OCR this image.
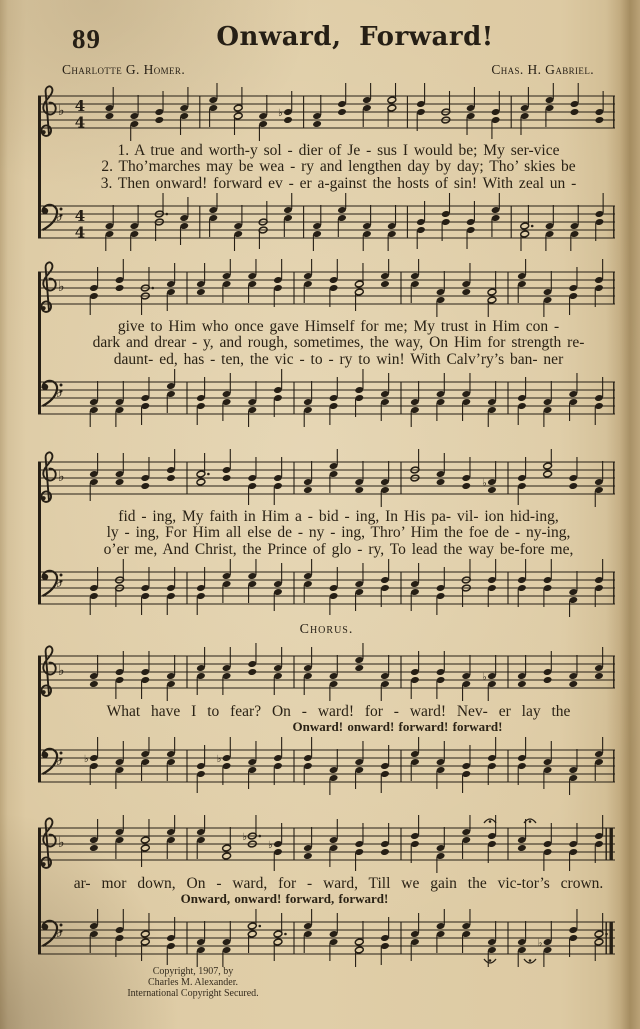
89	Onward, Forward!
Charlotte G. Homer.	Chas. H. Gabriel.
♭ 4
4	♭

1. A true and worth-y sol - dier of Je - sus I would be; My ser-vice

2. Tho’marches may be wea - ry and lengthen day by day; Tho’ skies be

3. Then onward! forward ev - er a-gainst the hosts of sin! With zeal un -

♭ 4
4
♭

give to Him who once gave Himself for me; My trust in Him con -

dark and drear - y, and rough, sometimes, the way, On Him for strength re-

daunt- ed, has - ten, the vic - to - ry to win! With Calv’ry’s ban- ner

♭
♭	♭

fid - ing, My faith in Him a - bid - ing, In His pa- vil- ion hid-ing,

ly - ing, For Him all else de - ny - ing, Thro’ Him the foe de - ny-ing,

o’er me, And Christ, the Prince of glo - ry, To lead the way be-fore me,

♭
Chorus.
♭	♭

What have I to fear? On - ward! for - ward! Nev- er lay the

Onward! onward! forward! forward!

♭ ♭	♭
♭	♭
♭

ar- mor down, On - ward, for - ward, Till we gain the vic-tor’s crown.

Onward, onward! forward, forward!

♭
♭

Copyright, 1907, by

Charles M. Alexander.

International Copyright Secured.
